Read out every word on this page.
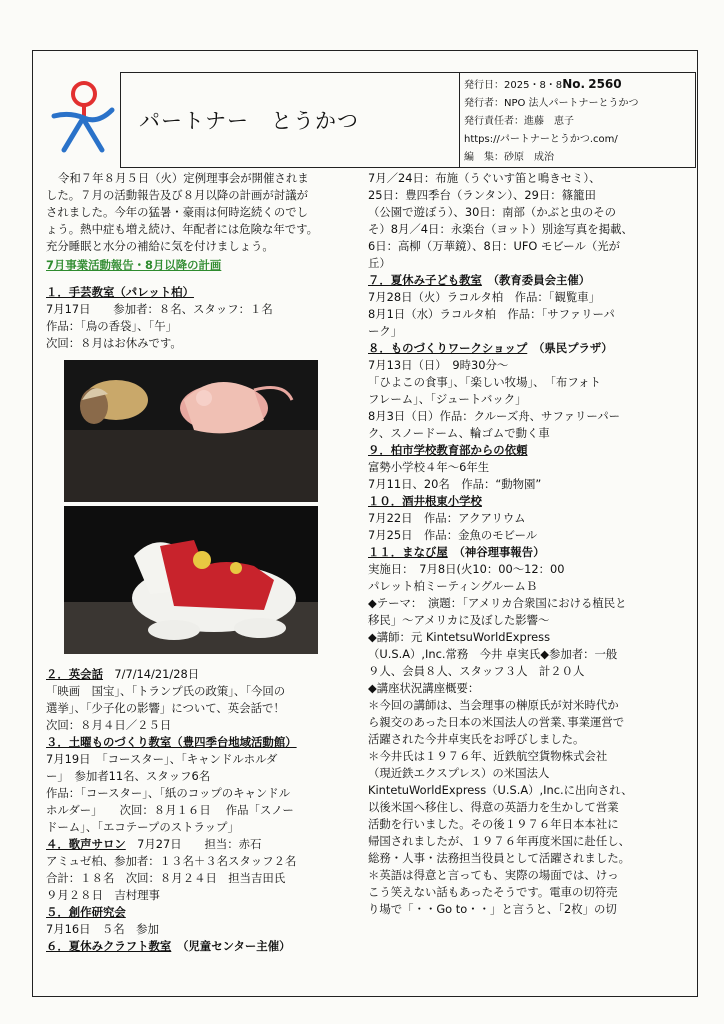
パートナー とうかつ
発行日：2025・8・8No. 2560
発行者：NPO 法人パートナーとうかつ
発行責任者：進藤　恵子
https://パートナーとうかつ.com/
編　集：砂原　成治
令和７年８月５日（火）定例理事会が開催されま
した。７月の活動報告及び８月以降の計画が討議が
されました。今年の猛暑・豪雨は何時迄続くのでし
ょう。熱中症も増え続け、年配者には危険な年です。
充分睡眠と水分の補給に気を付けましょう。
7月事業活動報告・8月以降の計画
１．手芸教室（パレット柏）
7月17日　　参加者：８名、スタッフ：１名
作品：「鳥の香袋」、「午」
次回：８月はお休みです。
２．英会話　 7/7/14/21/28日
「映画　国宝」、「トランプ氏の政策」、「今回の
選挙」、「少子化の影響」について、英会話で！
次回：８月４日／２５日
３．土曜ものづくり教室（豊四季台地域活動館）
7月19日　「コースター」、「キャンドルホルダ
ー」　参加者11名、スタッフ6名
作品：「コースター」、「紙のコップのキャンドル
ホルダー」　　次回：８月１６日　 作品「スノー
ドーム」、「エコテープのストラップ」
４．歌声サロン　 7月27日　　担当：赤石
アミュゼ柏、参加者：１３名＋３名スタッフ２名
合計：１８名　次回：８月２４日　担当吉田氏
９月２８日　吉村理事
５．創作研究会
7月16日　５名　参加
６．夏休みクラフト教室　 （児童センター主催）
7月／24日：布施（うぐいす笛と鳴きセミ）、
25日：豊四季台（ランタン）、29日：篠籠田
（公園で遊ぼう）、30日：南部（かぶと虫のその
そ）8月／4日：永楽台（ヨット）別途写真を掲載、
6日：高柳（万華鏡）、8日：UFO モビール（光が
丘）
７．夏休み子ども教室　 （教育委員会主催）
7月28日（火）ラコルタ柏　作品：「観覧車」
8月1日（水）ラコルタ柏　作品：「サファリーパ
ーク」
８．ものづくりワークショップ　 （県民プラザ）
7月13日（日）　9時30分～
「ひよこの食事」、「楽しい牧場」、　「布フォト
フレーム」、「ジュートバック」
8月3日（日）作品：クルーズ舟、サファリーパー
ク、スノードーム、輪ゴムで動く車
９．柏市学校教育部からの依頼
富勢小学校４年～6年生
7月11日、20名　作品：“動物園”
１０．酒井根東小学校
7月22日　作品：アクアリウム
7月25日　作品：金魚のモビール
１１．まなび屋　 （神谷理事報告）
実施日：　7月8日(火10：00～12：00
パレット柏ミーティングルームＢ
◆テーマ：　演題：「アメリカ合衆国における植民と
移民」～アメリカに及ぼした影響～
◆講師：元 KintetsuWorldExpress
（U.S.A）,Inc.常務　今井 卓実氏◆参加者：一般
９人、会員８人、スタッフ３人　計２０人
◆講座状況講座概要：
＊今回の講師は、当会理事の榊原氏が対米時代か
ら親交のあった日本の米国法人の営業､事業運営で
活躍された今井卓実氏をお呼びしました。
＊今井氏は１９７６年、近鉄航空貨物株式会社
（現近鉄エクスプレス）の米国法人
KintetuWorldExpress（U.S.A）,Inc.に出向され、
以後米国へ移住し、得意の英語力を生かして営業
活動を行いました。その後１９７６年日本本社に
帰国されましたが、１９７６年再度米国に赴任し、
総務・人事・法務担当役員として活躍されました。
＊英語は得意と言っても、実際の場面では、けっ
こう笑えない話もあったそうです。電車の切符売
り場で「・・Go to・・」と言うと、「2枚」の切
